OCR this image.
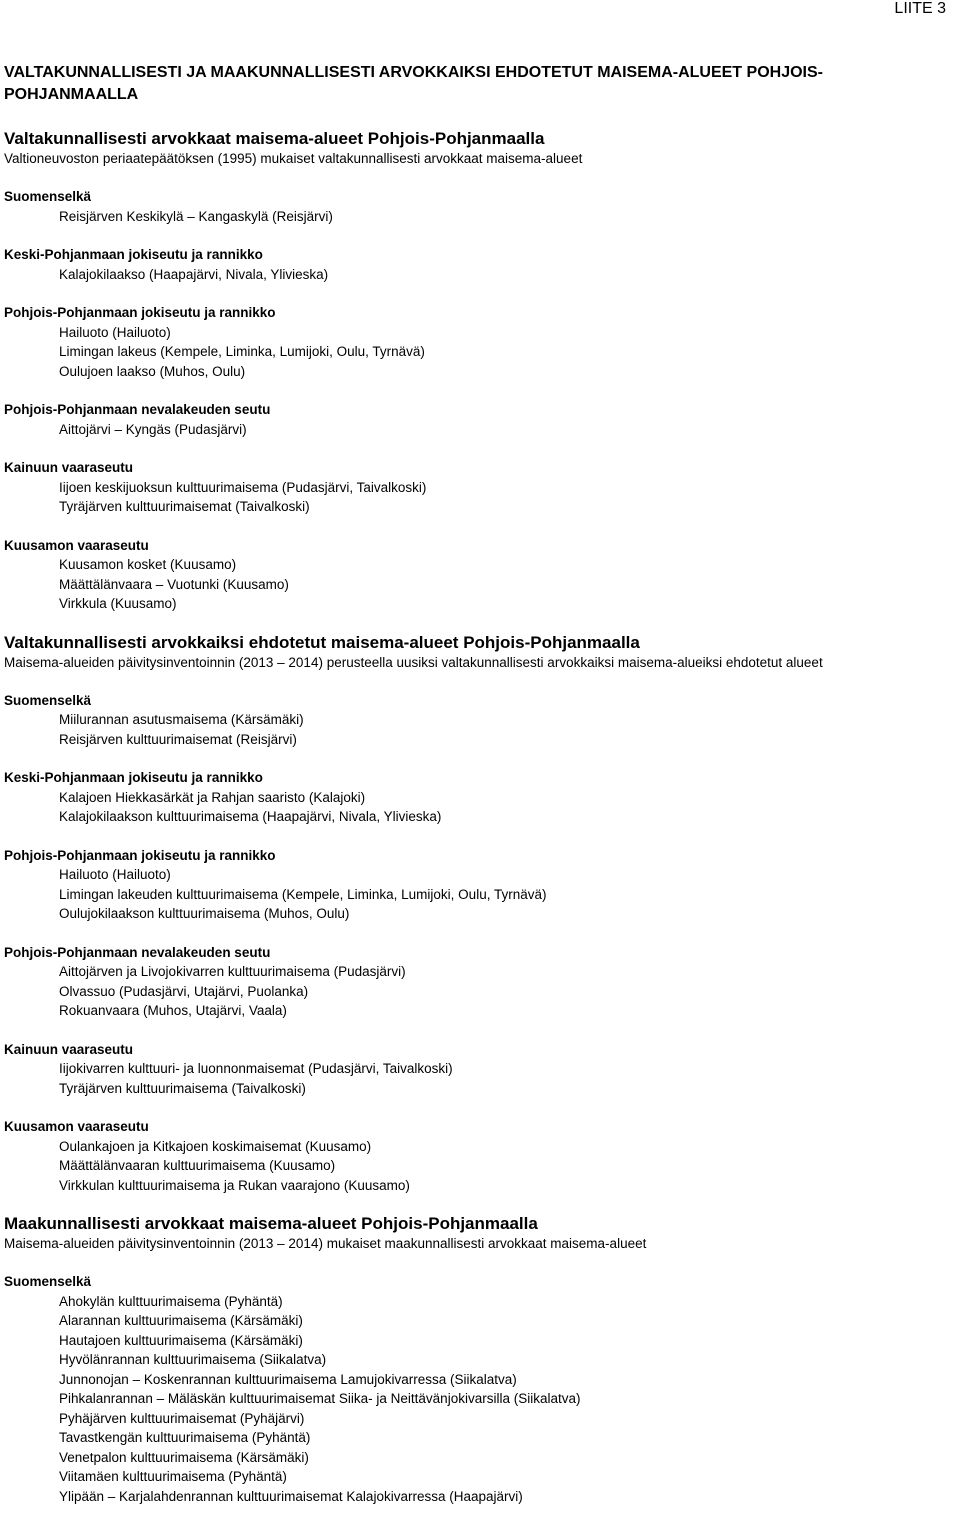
LIITE 3
VALTAKUNNALLISESTI JA MAAKUNNALLISESTI ARVOKKAIKSI EHDOTETUT MAISEMA-ALUEET POHJOIS-POHJANMAALLA
Valtakunnallisesti arvokkaat maisema-alueet Pohjois-Pohjanmaalla

Valtioneuvoston periaatepäätöksen (1995) mukaiset valtakunnallisesti arvokkaat maisema-alueet

Suomenselkä
Reisjärven Keskikylä – Kangaskylä (Reisjärvi)
Keski-Pohjanmaan jokiseutu ja rannikko
Kalajokilaakso (Haapajärvi, Nivala, Ylivieska)
Pohjois-Pohjanmaan jokiseutu ja rannikko
Hailuoto (Hailuoto)
Limingan lakeus (Kempele, Liminka, Lumijoki, Oulu, Tyrnävä)
Oulujoen laakso (Muhos, Oulu)
Pohjois-Pohjanmaan nevalakeuden seutu
Aittojärvi – Kyngäs (Pudasjärvi)
Kainuun vaaraseutu
Iijoen keskijuoksun kulttuurimaisema (Pudasjärvi, Taivalkoski)
Tyräjärven kulttuurimaisemat (Taivalkoski)
Kuusamon vaaraseutu
Kuusamon kosket (Kuusamo)
Määttälänvaara – Vuotunki (Kuusamo)
Virkkula (Kuusamo)
Valtakunnallisesti arvokkaiksi ehdotetut maisema-alueet Pohjois-Pohjanmaalla

Maisema-alueiden päivitysinventoinnin (2013 – 2014) perusteella uusiksi valtakunnallisesti arvokkaiksi maisema-alueiksi ehdotetut alueet

Suomenselkä
Miilurannan asutusmaisema (Kärsämäki)
Reisjärven kulttuurimaisemat (Reisjärvi)
Keski-Pohjanmaan jokiseutu ja rannikko
Kalajoen Hiekkasärkät ja Rahjan saaristo (Kalajoki)
Kalajokilaakson kulttuurimaisema (Haapajärvi, Nivala, Ylivieska)
Pohjois-Pohjanmaan jokiseutu ja rannikko
Hailuoto (Hailuoto)
Limingan lakeuden kulttuurimaisema (Kempele, Liminka, Lumijoki, Oulu, Tyrnävä)
Oulujokilaakson kulttuurimaisema (Muhos, Oulu)
Pohjois-Pohjanmaan nevalakeuden seutu
Aittojärven ja Livojokivarren kulttuurimaisema (Pudasjärvi)
Olvassuo (Pudasjärvi, Utajärvi, Puolanka)
Rokuanvaara (Muhos, Utajärvi, Vaala)
Kainuun vaaraseutu
Iijokivarren kulttuuri- ja luonnonmaisemat (Pudasjärvi, Taivalkoski)
Tyräjärven kulttuurimaisema (Taivalkoski)
Kuusamon vaaraseutu
Oulankajoen ja Kitkajoen koskimaisemat (Kuusamo)
Määttälänvaaran kulttuurimaisema (Kuusamo)
Virkkulan kulttuurimaisema ja Rukan vaarajono (Kuusamo)
Maakunnallisesti arvokkaat maisema-alueet Pohjois-Pohjanmaalla

Maisema-alueiden päivitysinventoinnin (2013 – 2014) mukaiset maakunnallisesti arvokkaat maisema-alueet

Suomenselkä
Ahokylän kulttuurimaisema (Pyhäntä)
Alarannan kulttuurimaisema (Kärsämäki)
Hautajoen kulttuurimaisema (Kärsämäki)
Hyvölänrannan kulttuurimaisema (Siikalatva)
Junnonojan – Koskenrannan kulttuurimaisema Lamujokivarressa (Siikalatva)
Pihkalanrannan – Mäläskän kulttuurimaisemat Siika- ja Neittävänjokivarsilla (Siikalatva)
Pyhäjärven kulttuurimaisemat (Pyhäjärvi)
Tavastkengän kulttuurimaisema (Pyhäntä)
Venetpalon kulttuurimaisema (Kärsämäki)
Viitamäen kulttuurimaisema (Pyhäntä)
Ylipään – Karjalahdenrannan kulttuurimaisemat Kalajokivarressa (Haapajärvi)
